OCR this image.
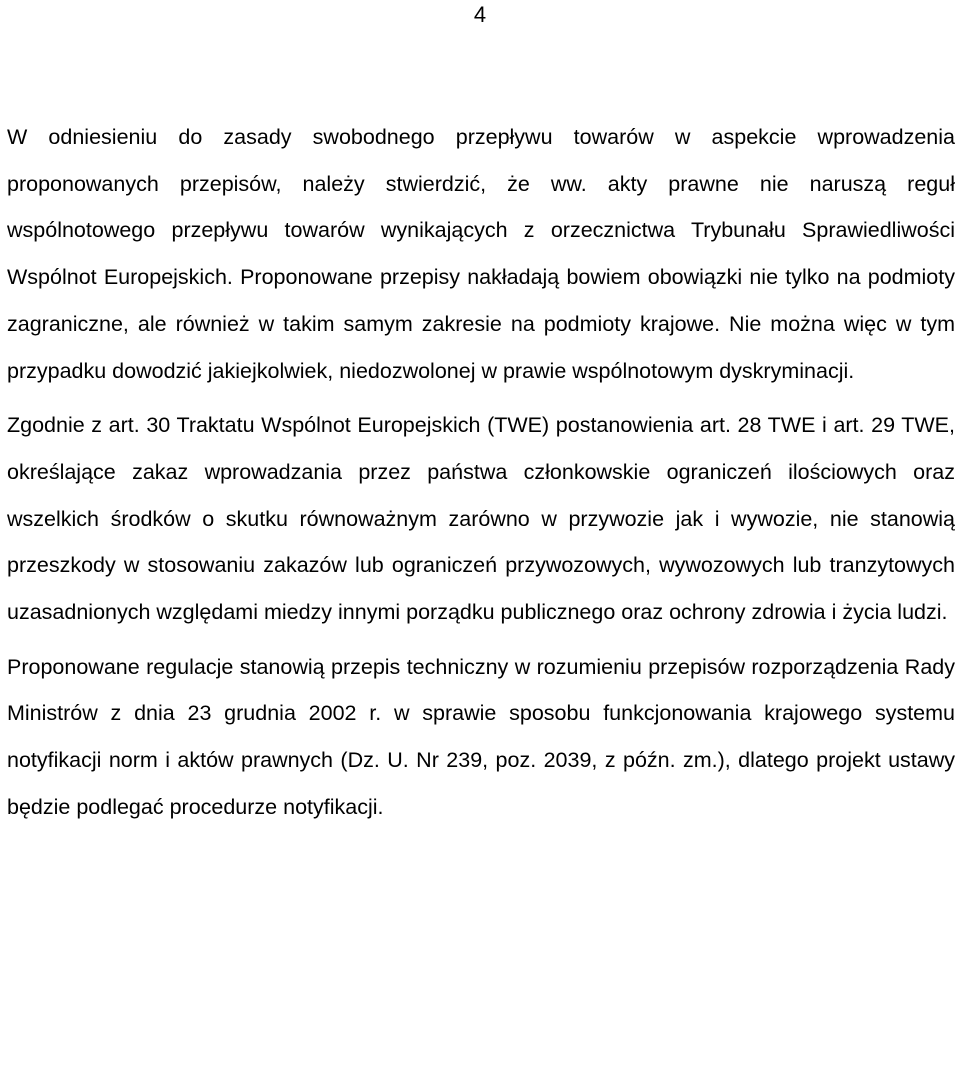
4

W odniesieniu do zasady swobodnego przepływu towarów w aspekcie wprowadzenia proponowanych przepisów, należy stwierdzić, że ww. akty prawne nie naruszą reguł wspólnotowego przepływu towarów wynikających z orzecznictwa Trybunału Sprawiedliwości Wspólnot Europejskich. Proponowane przepisy nakładają bowiem obowiązki nie tylko na podmioty zagraniczne, ale również w takim samym zakresie na podmioty krajowe. Nie można więc w tym przypadku dowodzić jakiejkolwiek, niedozwolonej w prawie wspólnotowym dyskryminacji.

Zgodnie z art. 30 Traktatu Wspólnot Europejskich (TWE) postanowienia art. 28 TWE i art. 29 TWE, określające zakaz wprowadzania przez państwa członkowskie ograniczeń ilościowych oraz wszelkich środków o skutku równoważnym zarówno w przywozie jak i wywozie, nie stanowią przeszkody w stosowaniu zakazów lub ograniczeń przywozowych, wywozowych lub tranzytowych uzasadnionych względami miedzy innymi porządku publicznego oraz ochrony zdrowia i życia ludzi.

Proponowane regulacje stanowią przepis techniczny w rozumieniu przepisów rozporządzenia Rady Ministrów z dnia 23 grudnia 2002 r. w sprawie sposobu funkcjonowania krajowego systemu notyfikacji norm i aktów prawnych (Dz. U. Nr 239, poz. 2039, z późn. zm.), dlatego projekt ustawy będzie podlegać procedurze notyfikacji.
